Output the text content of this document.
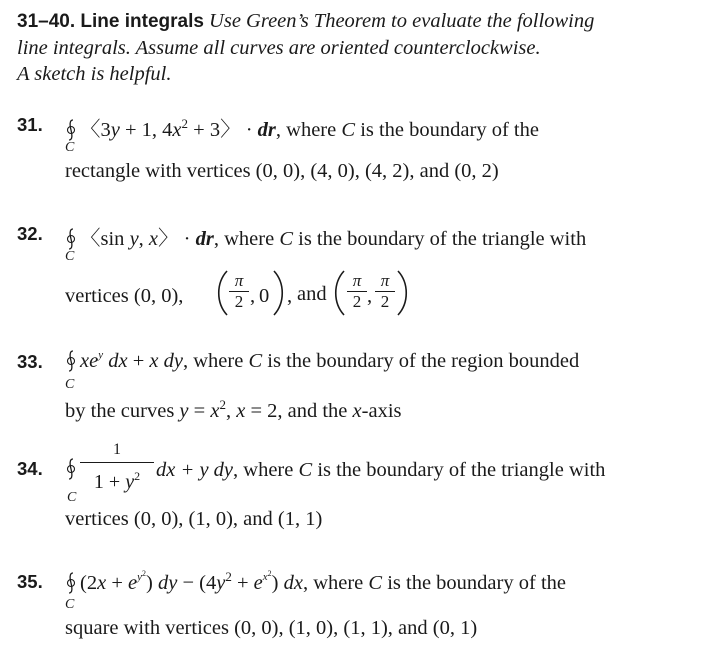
31–40. Line integrals Use Green’s Theorem to evaluate the following
line integrals. Assume all curves are oriented counterclockwise.
A sketch is helpful.
31.	〈3y + 1, $4x^2 + 3$〉 · dr, where C is the boundary of the
C
rectangle with vertices (0, 0), (4, 0), (4, 2), and (0, 2)
32.	〈sin y, x〉 · dr, where C is the boundary of the triangle with
C
vertices (0, 0),
π
2 , 0 , and
π
2 ,
π
2
33.	$xe^y$ dx + x dy, where C is the boundary of the region bounded
C
by the curves $y = x^2$, x = 2, and the x-axis
34.
1
$1 + y^2$ dx + y dy, where C is the boundary of the triangle with
C
vertices (0, 0), (1, 0), and (1, 1)
35.	$(2x + e^{y^2})$ dy − $(4y^2 + e^{x^2})$ dx, where C is the boundary of the
C
square with vertices (0, 0), (1, 0), (1, 1), and (0, 1)
